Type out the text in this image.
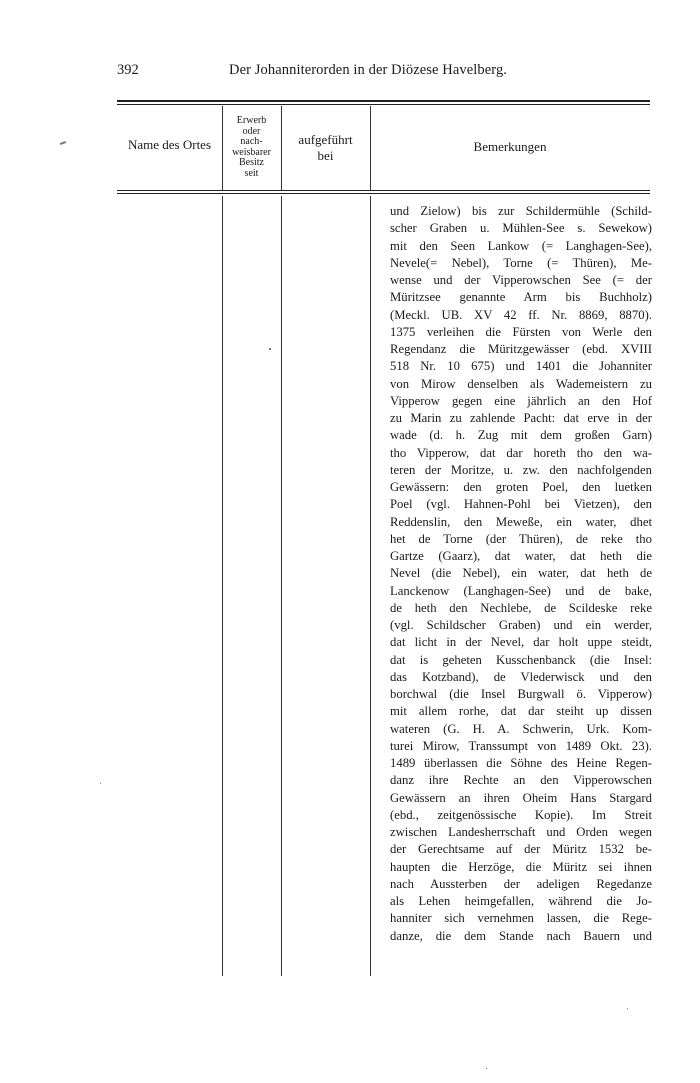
392	Der Johanniterorden in der Diözese Havelberg.
Name des Ortes
Erwerb
oder
nach-
weisbarer
Besitz
seit
aufgeführt
bei
Bemerkungen
und Zielow) bis zur Schildermühle (Schild-
scher Graben u. Mühlen-See s. Sewekow)
mit den Seen Lankow (= Langhagen-See),
Nevele(= Nebel), Torne (= Thüren), Me-
wense und der Vipperowschen See (= der
Müritzsee genannte Arm bis Buchholz)
(Meckl. UB. XV 42 ff. Nr. 8869, 8870).
1375 verleihen die Fürsten von Werle den
Regendanz die Müritzgewässer (ebd. XVIII
518 Nr. 10 675) und 1401 die Johanniter
von Mirow denselben als Wademeistern zu
Vipperow gegen eine jährlich an den Hof
zu Marin zu zahlende Pacht: dat erve in der
wade (d. h. Zug mit dem großen Garn)
tho Vipperow, dat dar horeth tho den wa-
teren der Moritze, u. zw. den nachfolgenden
Gewässern: den groten Poel, den luetken
Poel (vgl. Hahnen-Pohl bei Vietzen), den
Reddenslin, den Meweße, ein water, dhet
het de Torne (der Thüren), de reke tho
Gartze (Gaarz), dat water, dat heth die
Nevel (die Nebel), ein water, dat heth de
Lanckenow (Langhagen-See) und de bake,
de heth den Nechlebe, de Scildeske reke
(vgl. Schildscher Graben) und ein werder,
dat licht in der Nevel, dar holt uppe steidt,
dat is geheten Kusschenbanck (die Insel:
das Kotzband), de Vlederwisck und den
borchwal (die Insel Burgwall ö. Vipperow)
mit allem rorhe, dat dar steiht up dissen
wateren (G. H. A. Schwerin, Urk. Kom-
turei Mirow, Transsumpt von 1489 Okt. 23).
1489 überlassen die Söhne des Heine Regen-
danz ihre Rechte an den Vipperowschen
Gewässern an ihren Oheim Hans Stargard
(ebd., zeitgenössische Kopie). Im Streit
zwischen Landesherrschaft und Orden wegen
der Gerechtsame auf der Müritz 1532 be-
haupten die Herzöge, die Müritz sei ihnen
nach Aussterben der adeligen Regedanze
als Lehen heimgefallen, während die Jo-
hanniter sich vernehmen lassen, die Rege-
danze, die dem Stande nach Bauern und
